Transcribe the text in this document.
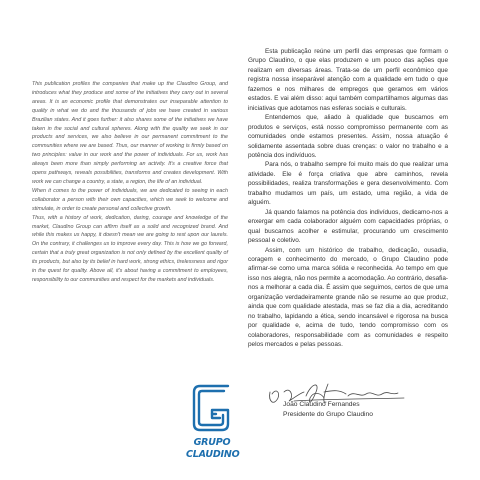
This publication profiles the companies that make up the Claudino Group, and introduces what they produce and some of the initiatives they carry out in several areas. It is an economic profile that demonstrates our inseparable attention to quality in what we do and the thousands of jobs we have created in various Brazilian states. And it goes further: it also shares some of the initiatives we have taken in the social and cultural spheres. Along with the quality we seek in our products and services, we also believe in our permanent commitment to the communities where we are based. Thus, our manner of working is firmly based on two principles: value in our work and the power of individuals. For us, work has always been more than simply performing an activity. It's a creative force that opens pathways, reveals possibilities, transforms and creates development. With work we can change a country, a state, a region, the life of an individual.

When it comes to the power of individuals, we are dedicated to seeing in each collaborator a person with their own capacities, which we seek to welcome and stimulate, in order to create personal and collective growth.

Thus, with a history of work, dedication, daring, courage and knowledge of the market, Claudino Group can affirm itself as a solid and recognized brand. And while this makes us happy, it doesn't mean we are going to rest upon our laurels. On the contrary, it challenges us to improve every day. This is how we go forward, certain that a truly great organization is not only defined by the excellent quality of its products, but also by its belief in hard work, strong ethics, tirelessness and rigor in the quest for quality. Above all, it's about having a commitment to employees, responsibility to our communities and respect for the markets and individuals.

Esta publicação reúne um perfil das empresas que formam o Grupo Claudino, o que elas produzem e um pouco das ações que realizam em diversas áreas. Trata-se de um perfil econômico que registra nossa inseparável atenção com a qualidade em tudo o que fazemos e nos milhares de empregos que geramos em vários estados. E vai além disso: aqui também compartilhamos algumas das iniciativas que adotamos nas esferas sociais e culturais.

Entendemos que, aliado à qualidade que buscamos em produtos e serviços, está nosso compromisso permanente com as comunidades onde estamos presentes. Assim, nossa atuação é solidamente assentada sobre duas crenças: o valor no trabalho e a potência dos indivíduos.

Para nós, o trabalho sempre foi muito mais do que realizar uma atividade. Ele é força criativa que abre caminhos, revela possibilidades, realiza transformações e gera desenvolvimento. Com trabalho mudamos um país, um estado, uma região, a vida de alguém.

Já quando falamos na potência dos indivíduos, dedicamo-nos a enxergar em cada colaborador alguém com capacidades próprias, o qual buscamos acolher e estimular, procurando um crescimento pessoal e coletivo.

Assim, com um histórico de trabalho, dedicação, ousadia, coragem e conhecimento do mercado, o Grupo Claudino pode afirmar-se como uma marca sólida e reconhecida. Ao tempo em que isso nos alegra, não nos permite a acomodação. Ao contrário, desafia-nos a melhorar a cada dia. É assim que seguimos, certos de que uma organização verdadeiramente grande não se resume ao que produz, ainda que com qualidade atestada, mas se faz dia a dia, acreditando no trabalho, lapidando a ética, sendo incansável e rigorosa na busca por qualidade e, acima de tudo, tendo compromisso com os colaboradores, responsabilidade com as comunidades e respeito pelos mercados e pelas pessoas.

GRUPO
CLAUDINO
João Claudino Fernandes
Presidente do Grupo Claudino
